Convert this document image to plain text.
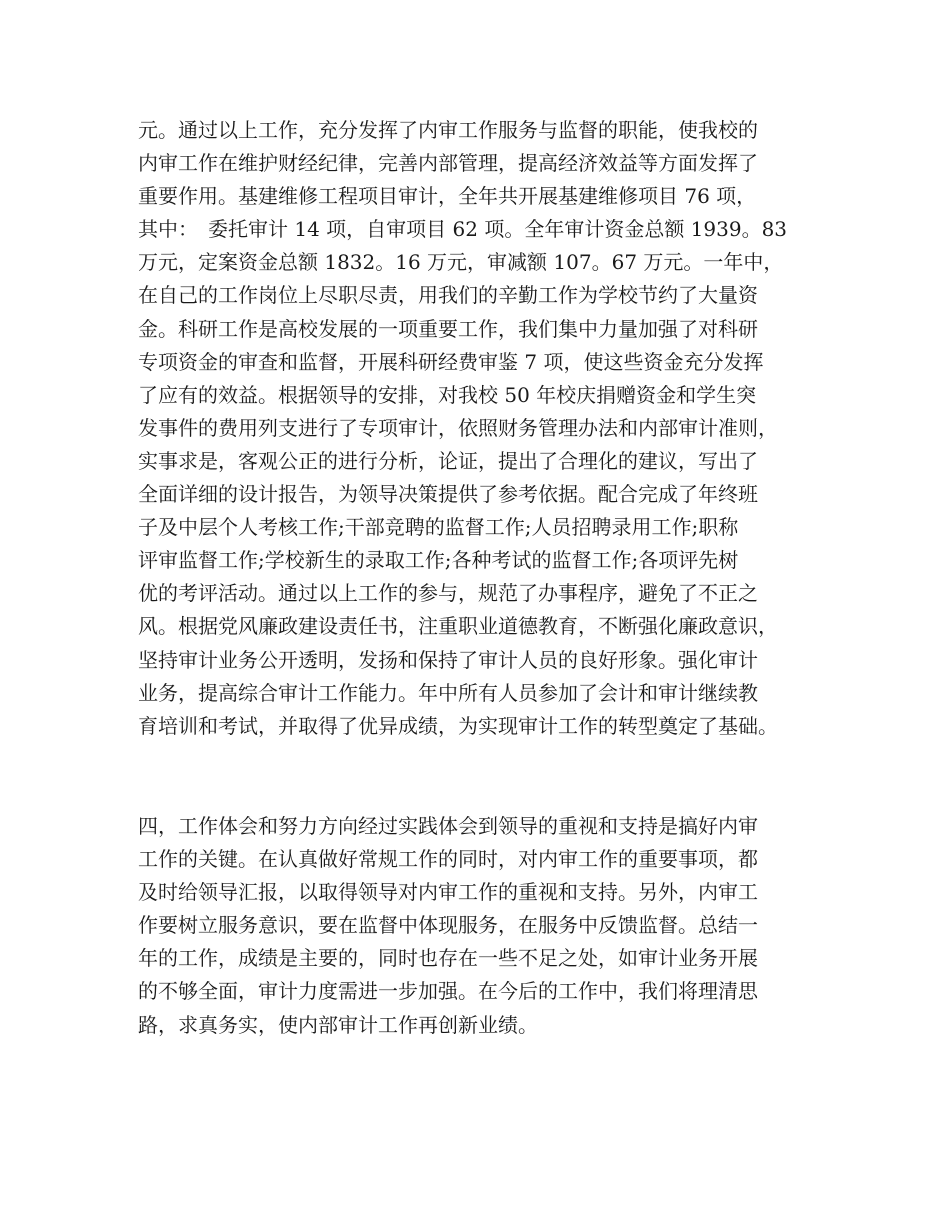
元。通过以上工作，充分发挥了内审工作服务与监督的职能，使我校的
内审工作在维护财经纪律，完善内部管理，提高经济效益等方面发挥了
重要作用。基建维修工程项目审计，全年共开展基建维修项目 76 项，
其中：　委托审计 14 项，自审项目 62 项。全年审计资金总额 1939。83
万元，定案资金总额 1832。16 万元，审减额 107。67 万元。一年中，
在自己的工作岗位上尽职尽责，用我们的辛勤工作为学校节约了大量资
金。科研工作是高校发展的一项重要工作，我们集中力量加强了对科研
专项资金的审查和监督，开展科研经费审鉴 7 项，使这些资金充分发挥
了应有的效益。根据领导的安排，对我校 50 年校庆捐赠资金和学生突
发事件的费用列支进行了专项审计，依照财务管理办法和内部审计准则，
实事求是，客观公正的进行分析，论证，提出了合理化的建议，写出了
全面详细的设计报告，为领导决策提供了参考依据。配合完成了年终班
子及中层个人考核工作;干部竞聘的监督工作;人员招聘录用工作;职称
评审监督工作;学校新生的录取工作;各种考试的监督工作;各项评先树
优的考评活动。通过以上工作的参与，规范了办事程序，避免了不正之
风。根据党风廉政建设责任书，注重职业道德教育，不断强化廉政意识，
坚持审计业务公开透明，发扬和保持了审计人员的良好形象。强化审计
业务，提高综合审计工作能力。年中所有人员参加了会计和审计继续教
育培训和考试，并取得了优异成绩，为实现审计工作的转型奠定了基础。
四，工作体会和努力方向经过实践体会到领导的重视和支持是搞好内审
工作的关键。在认真做好常规工作的同时，对内审工作的重要事项，都
及时给领导汇报，以取得领导对内审工作的重视和支持。另外，内审工
作要树立服务意识，要在监督中体现服务，在服务中反馈监督。总结一
年的工作，成绩是主要的，同时也存在一些不足之处，如审计业务开展
的不够全面，审计力度需进一步加强。在今后的工作中，我们将理清思
路，求真务实，使内部审计工作再创新业绩。
